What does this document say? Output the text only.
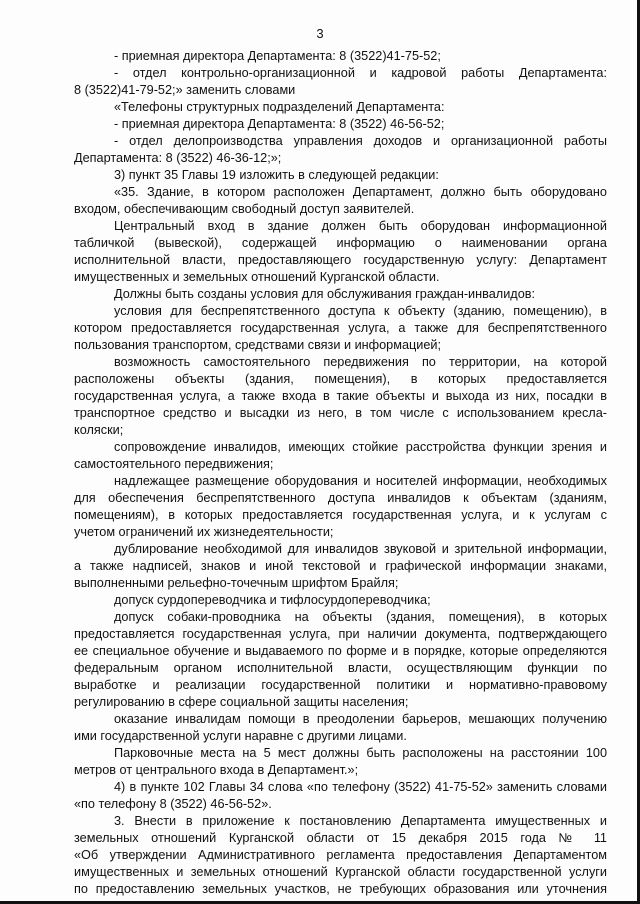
3
- приемная директора Департамента: 8 (3522)41-75-52;
- отдел контрольно-организационной и кадровой работы Департамента:
8 (3522)41-79-52;» заменить словами
«Телефоны структурных подразделений Департамента:
- приемная директора Департамента: 8 (3522) 46-56-52;
- отдел делопроизводства управления доходов и организационной работы
Департамента: 8 (3522) 46-36-12;»;
3) пункт 35 Главы 19 изложить в следующей редакции:
«35. Здание, в котором расположен Департамент, должно быть оборудовано
входом, обеспечивающим свободный доступ заявителей.
Центральный вход в здание должен быть оборудован информационной
табличкой (вывеской), содержащей информацию о наименовании органа
исполнительной власти, предоставляющего государственную услугу: Департамент
имущественных и земельных отношений Курганской области.
Должны быть созданы условия для обслуживания граждан-инвалидов:
условия для беспрепятственного доступа к объекту (зданию, помещению), в
котором предоставляется государственная услуга, а также для беспрепятственного
пользования транспортом, средствами связи и информацией;
возможность самостоятельного передвижения по территории, на которой
расположены объекты (здания, помещения), в которых предоставляется
государственная услуга, а также входа в такие объекты и выхода из них, посадки в
транспортное средство и высадки из него, в том числе с использованием кресла-
коляски;
сопровождение инвалидов, имеющих стойкие расстройства функции зрения и
самостоятельного передвижения;
надлежащее размещение оборудования и носителей информации, необходимых
для обеспечения беспрепятственного доступа инвалидов к объектам (зданиям,
помещениям), в которых предоставляется государственная услуга, и к услугам с
учетом ограничений их жизнедеятельности;
дублирование необходимой для инвалидов звуковой и зрительной информации,
а также надписей, знаков и иной текстовой и графической информации знаками,
выполненными рельефно-точечным шрифтом Брайля;
допуск сурдопереводчика и тифлосурдопереводчика;
допуск собаки-проводника на объекты (здания, помещения), в которых
предоставляется государственная услуга, при наличии документа, подтверждающего
ее специальное обучение и выдаваемого по форме и в порядке, которые определяются
федеральным органом исполнительной власти, осуществляющим функции по
выработке и реализации государственной политики и нормативно-правовому
регулированию в сфере социальной защиты населения;
оказание инвалидам помощи в преодолении барьеров, мешающих получению
ими государственной услуги наравне с другими лицами.
Парковочные места на 5 мест должны быть расположены на расстоянии 100
метров от центрального входа в Департамент.»;
4) в пункте 102 Главы 34 слова «по телефону (3522) 41-75-52» заменить словами
«по телефону 8 (3522) 46-56-52».
3. Внести в приложение к постановлению Департамента имущественных и
земельных отношений Курганской области от 15 декабря 2015 года № 11
«Об утверждении Административного регламента предоставления Департаментом
имущественных и земельных отношений Курганской области государственной услуги
по предоставлению земельных участков, не требующих образования или уточнения
